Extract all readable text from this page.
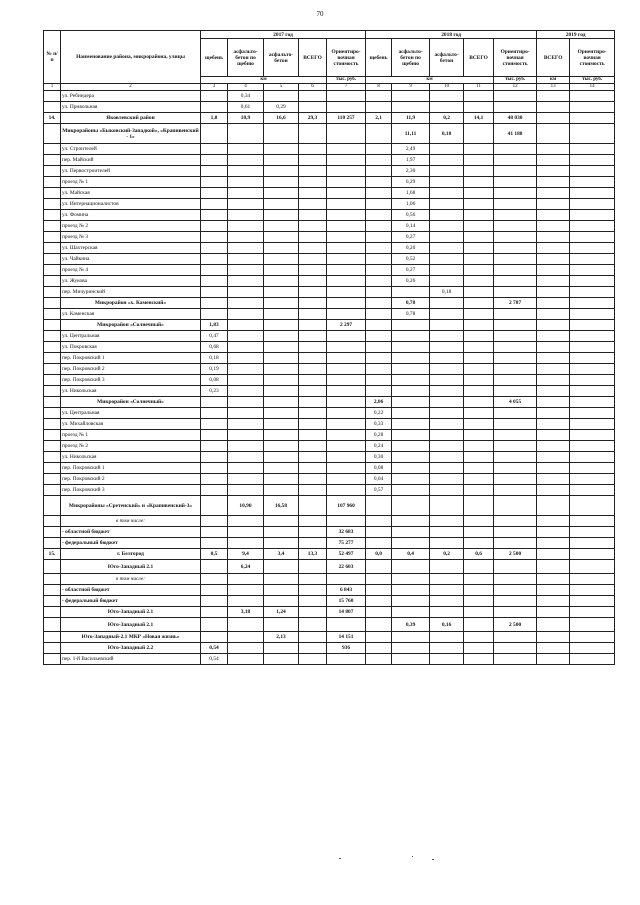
70
№ п/п	Наименование района, микрорайона, улицы	2017 год					2018 год					2019 год	
		щебень	асфальто-бетон по щебню	асфальто-бетон	ВСЕГО	Ориентиро-вочная стоимость	щебень	асфальто-бетон по щебню	асфальто-бетон	ВСЕГО	Ориентиро-вочная стоимость	ВСЕГО	Ориентиро-вочная стоимость
		км				тыс. руб.	км				тыс. руб.	км	тыс. руб.
1	2	3	4	5	6	7	8	9	10	11	12	13	14
	ул. Ребиндера		0,34										
	ул. Привольная		0,61	0,29									
14.	Яковлевский район	1,8	10,9	16,6	29,3	110 257	2,1	11,9	0,2	14,1	48 030		
	Микрорайоны «Быковский-Западкой», «Крапивенский - 1»							11,11	0,18		41 188		
	ул. Строителей							2,49					
	пер. Майский							1,97					
	ул. Первостроителей							2,30					
	проезд № 1							0,29					
	ул. Майская							1,68					
	ул. Интернационалистов							1,06					
	ул. Фомина							0,56					
	проезд № 2							0,14					
	проезд № 3							0,27					
	ул. Шахтерская							0,20					
	ул. Чайкина							0,52					
	проезд № 4							0,27					
	ул. Жукова							0,26					
	пер. Мичуринский								0,18				
	Микрорайон «х. Каменский»							0,78			2 787		
	ул. Каменская							0,78					
	Микрорайон «Солнечный»	1,83				2 297							
	ул. Центральная	0,47											
	ул. Покровская	0,68											
	пер. Покровский 1	0,18											
	пер. Покровский 2	0,19											
	пер. Покровский 3	0,08											
	ул. Никольская	0,23											
	Микрорайон «Солнечный»						2,06				4 055		
	ул. Центральная						0,22						
	ул. Михайловская						0,33						
	проезд № 1						0,28						
	проезд № 2						0,24						
	ул. Никольская						0,30						
	пер. Покровский 1						0,08						
	пер. Покровский 2						0,04						
	пер. Покровский 3						0,57						
	Микрорайоны «Сретенский» и «Крапивенский-3»		10,90	16,58		107 960							
	в том числе:												
	- областной бюджет					32 683							
	- федеральный бюджет					75 277							
15.	г. Белгород	0,5	9,4	3,4	13,3	52 497	0,0	0,4	0,2	0,6	2 500		
	Юго-Западный 2.1		6,24			22 603							
	в том числе:												
	- областной бюджет					6 843							
	- федеральный бюджет					15 760							
	Юго-Западный 2.1		3,18	1,24		14 807							
	Юго-Западный 2.1							0,39	0,16		2 500		
	Юго-Западный-2.1 МКР «Новая жизнь»			2,13		14 151							
	Юго-Западный 2.2	0,54				936							
	пер. 1-й Васильевский	0,54											
